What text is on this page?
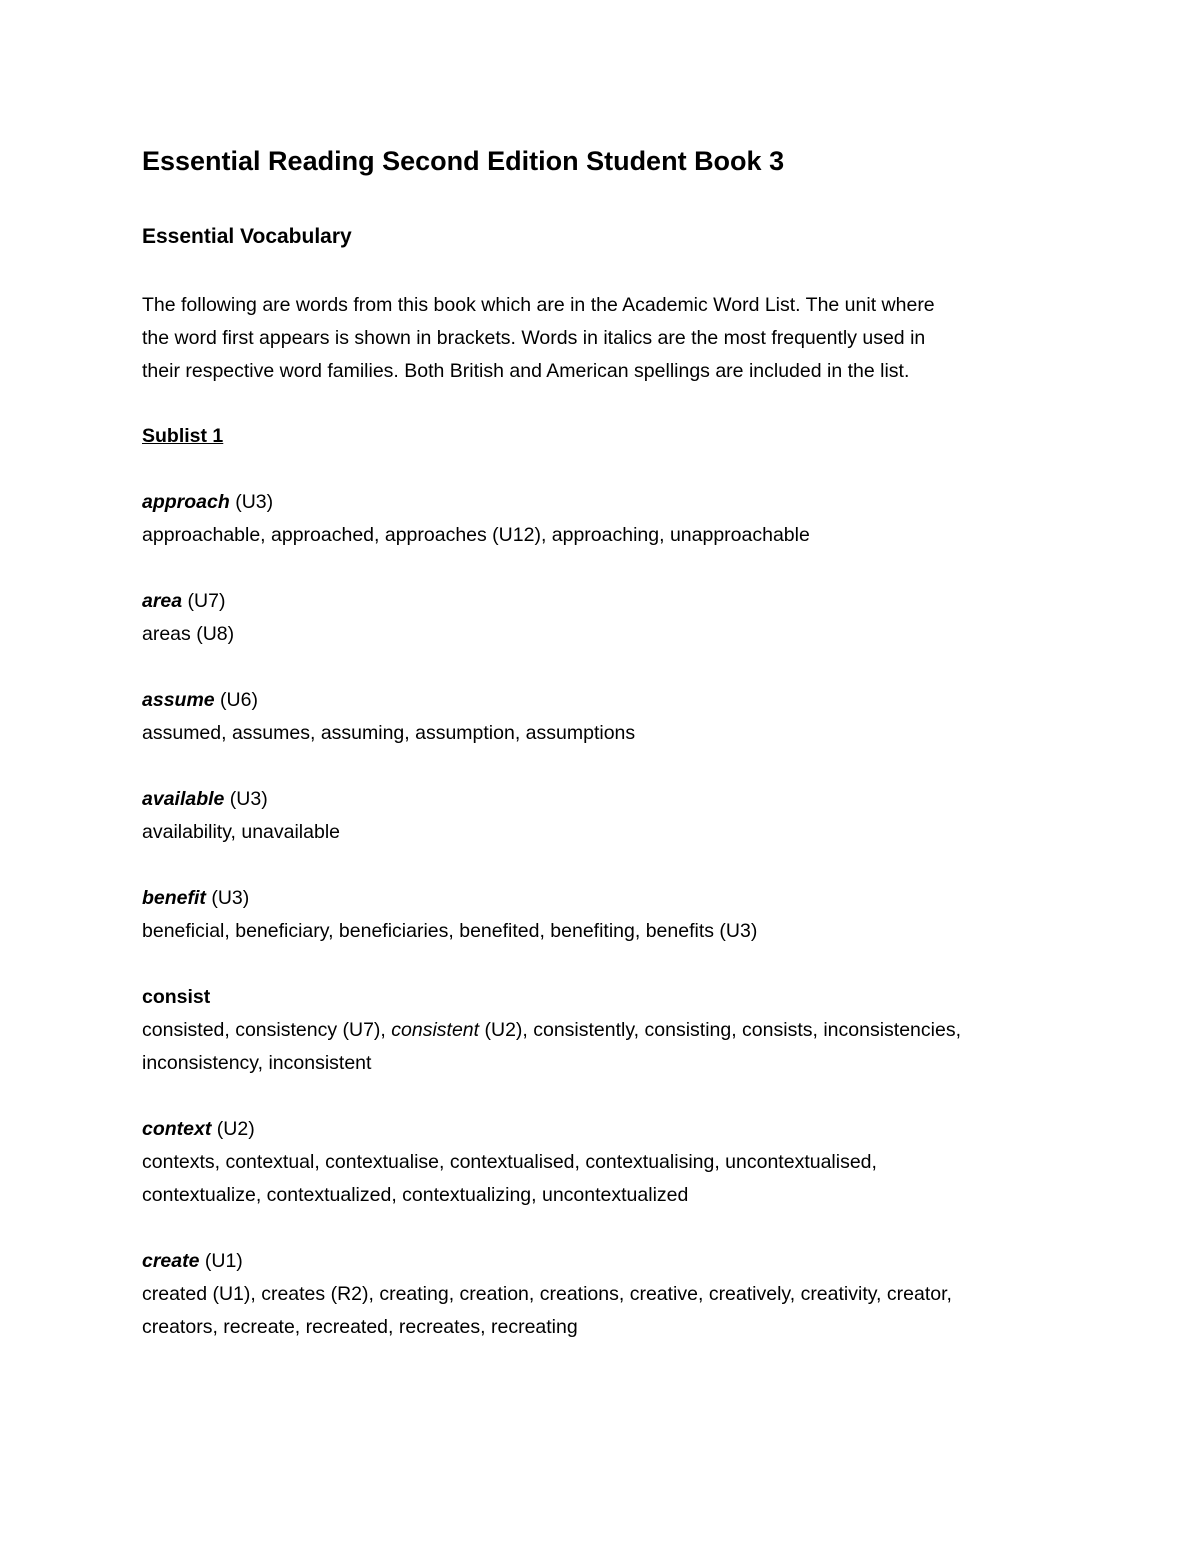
Essential Reading Second Edition Student Book 3
Essential Vocabulary
The following are words from this book which are in the Academic Word List. The unit where
the word first appears is shown in brackets. Words in italics are the most frequently used in
their respective word families. Both British and American spellings are included in the list.
Sublist 1
approach (U3)
approachable, approached, approaches (U12), approaching, unapproachable
area (U7)
areas (U8)
assume (U6)
assumed, assumes, assuming, assumption, assumptions
available (U3)
availability, unavailable
benefit (U3)
beneficial, beneficiary, beneficiaries, benefited, benefiting, benefits (U3)
consist
consisted, consistency (U7), consistent (U2), consistently, consisting, consists, inconsistencies,
inconsistency, inconsistent
context (U2)
contexts, contextual, contextualise, contextualised, contextualising, uncontextualised,
contextualize, contextualized, contextualizing, uncontextualized
create (U1)
created (U1), creates (R2), creating, creation, creations, creative, creatively, creativity, creator,
creators, recreate, recreated, recreates, recreating
